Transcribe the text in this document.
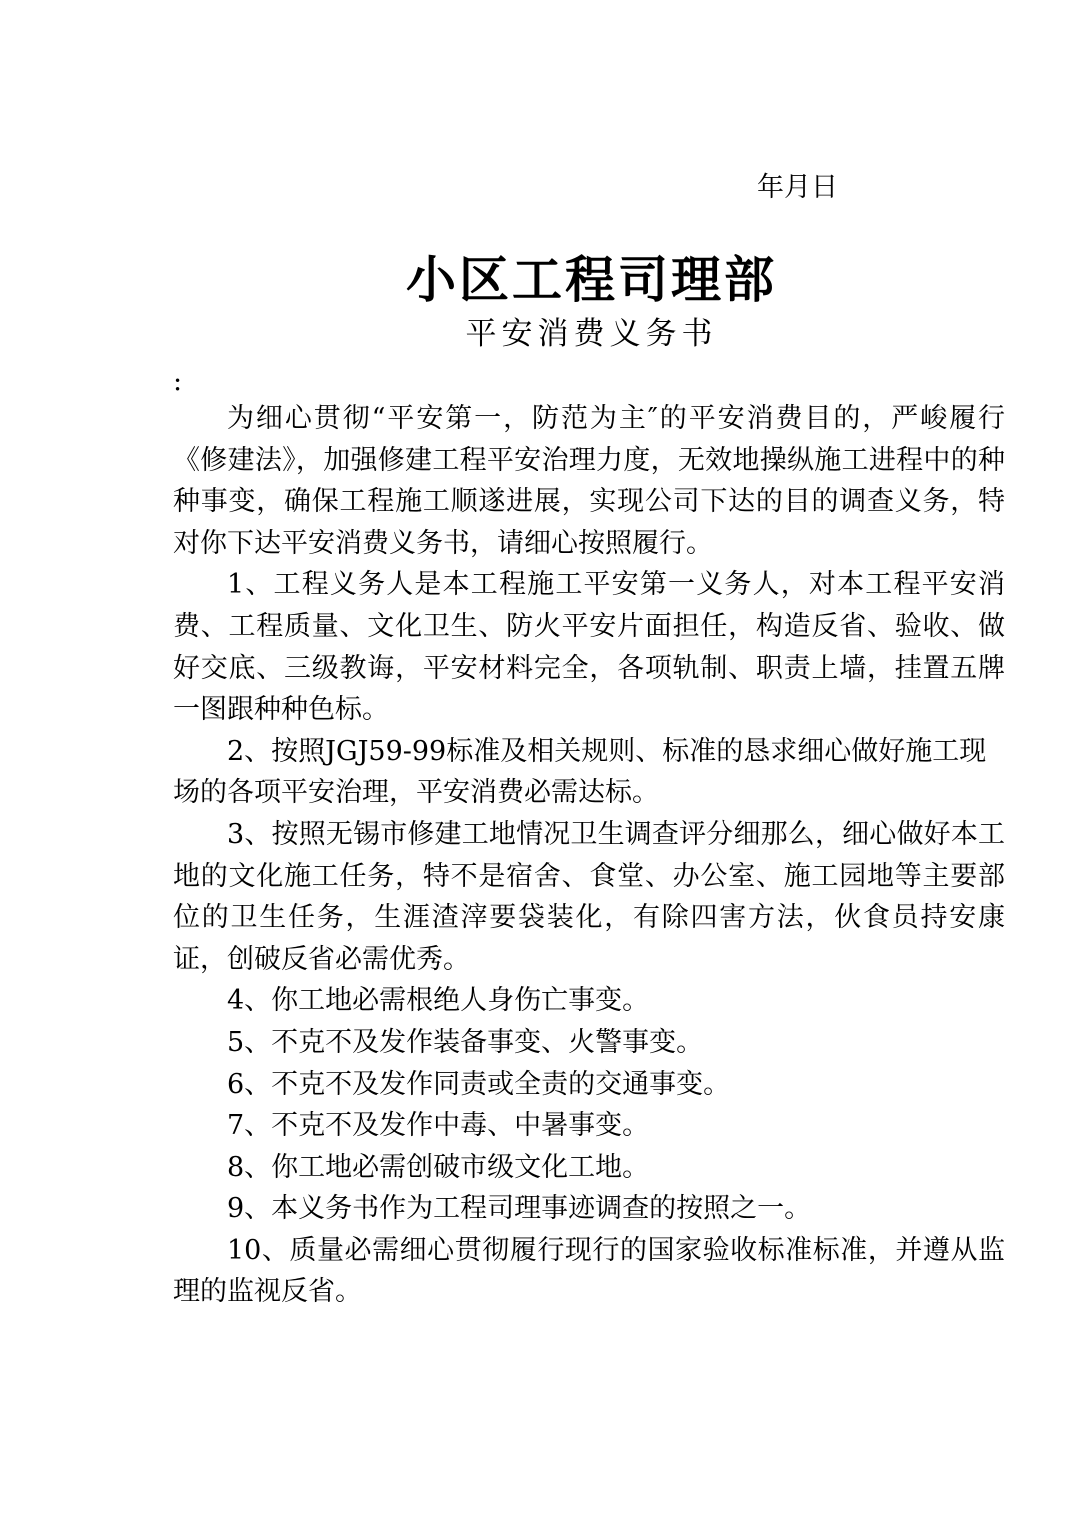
年月日
小区工程司理部
平安消费义务书
:

为细心贯彻“平安第一，防范为主″的平安消费目的，严峻履行《修建法》，加强修建工程平安治理力度，无效地操纵施工进程中的种种事变，确保工程施工顺遂进展，实现公司下达的目的调查义务，特对你下达平安消费义务书，请细心按照履行。

1、工程义务人是本工程施工平安第一义务人，对本工程平安消费、工程质量、文化卫生、防火平安片面担任，构造反省、验收、做好交底、三级教诲，平安材料完全，各项轨制、职责上墙，挂置五牌一图跟种种色标。

2、按照JGJ59-99标准及相关规则、标准的恳求细心做好施工现场的各项平安治理，平安消费必需达标。

3、按照无锡市修建工地情况卫生调查评分细那么，细心做好本工地的文化施工任务，特不是宿舍、食堂、办公室、施工园地等主要部位的卫生任务，生涯渣滓要袋装化，有除四害方法，伙食员持安康证，创破反省必需优秀。

4、你工地必需根绝人身伤亡事变。

5、不克不及发作装备事变、火警事变。

6、不克不及发作同责或全责的交通事变。

7、不克不及发作中毒、中暑事变。

8、你工地必需创破市级文化工地。

9、本义务书作为工程司理事迹调查的按照之一。

10、质量必需细心贯彻履行现行的国家验收标准标准，并遵从监理的监视反省。
